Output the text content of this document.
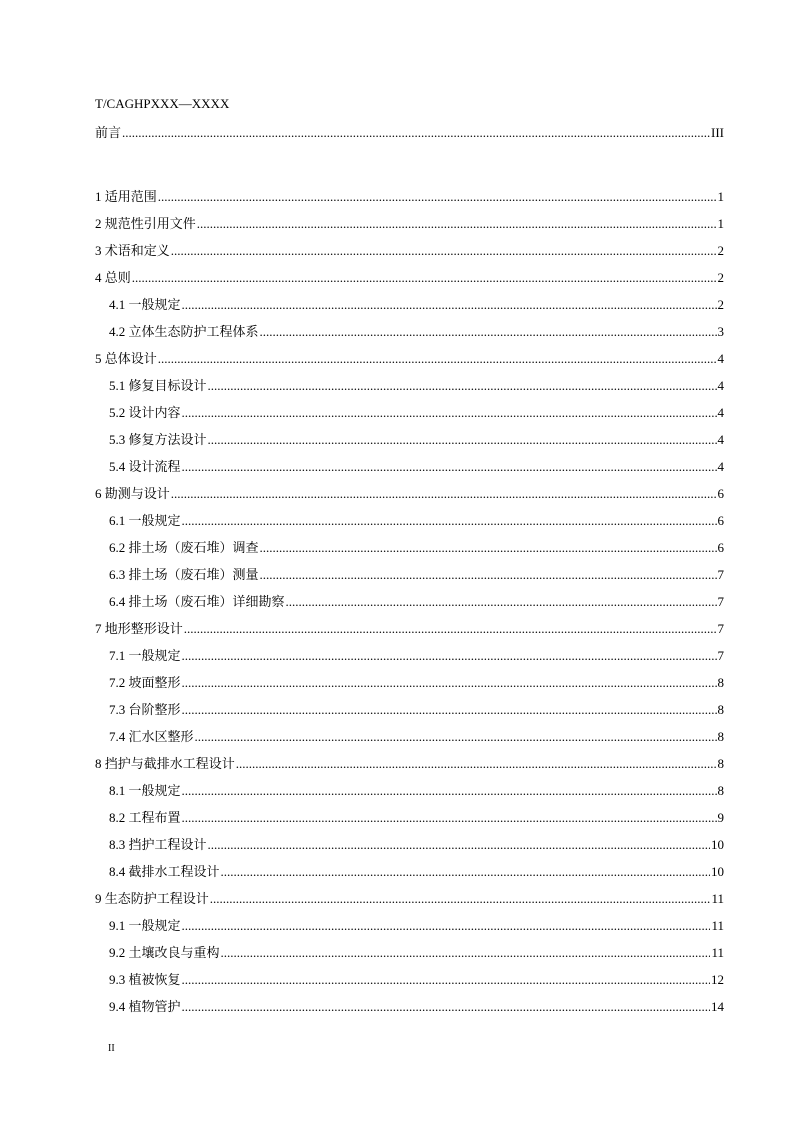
T/CAGHPXXX—XXXX
前言 .....	III
1 适用范围 .....	1
2 规范性引用文件 .....	1
3 术语和定义 .....	2
4 总则 .....	2
4.1 一般规定 .....	2
4.2 立体生态防护工程体系 .....	3
5 总体设计 .....	4
5.1 修复目标设计 .....	4
5.2 设计内容 .....	4
5.3 修复方法设计 .....	4
5.4 设计流程 .....	4
6 勘测与设计 .....	6
6.1 一般规定 .....	6
6.2 排土场（废石堆）调查 .....	6
6.3 排土场（废石堆）测量 .....	7
6.4 排土场（废石堆）详细勘察 .....	7
7 地形整形设计 .....	7
7.1 一般规定 .....	7
7.2 坡面整形 .....	8
7.3 台阶整形 .....	8
7.4 汇水区整形 .....	8
8 挡护与截排水工程设计 .....	8
8.1 一般规定 .....	8
8.2 工程布置 .....	9
8.3 挡护工程设计 .....	10
8.4 截排水工程设计 .....	10
9 生态防护工程设计 .....	11
9.1 一般规定 .....	11
9.2 土壤改良与重构 .....	11
9.3 植被恢复 .....	12
9.4 植物管护 .....	14
II
